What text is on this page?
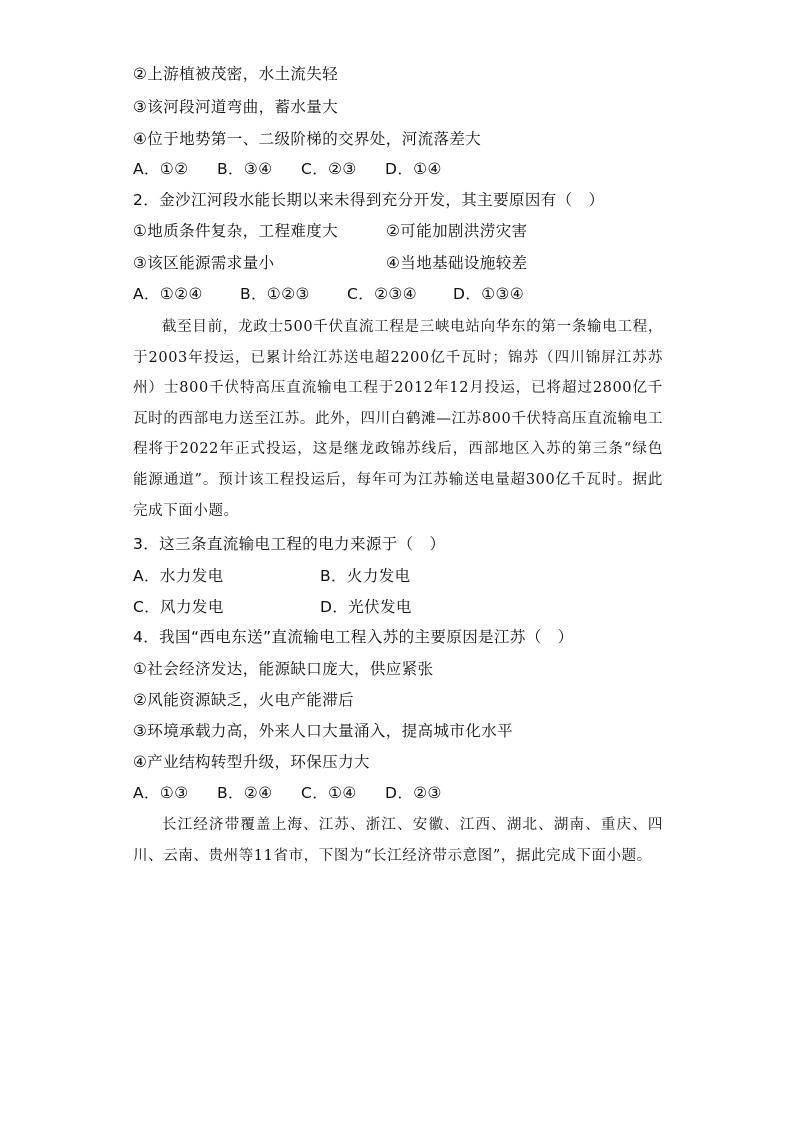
②上游植被茂密，水土流失轻
③该河段河道弯曲，蓄水量大
④位于地势第一、二级阶梯的交界处，河流落差大
A．①② B．③④ C．②③ D．①④
2．金沙江河段水能长期以来未得到充分开发，其主要原因有（　）
①地质条件复杂，工程难度大	②可能加剧洪涝灾害
③该区能源需求量小	④当地基础设施较差
A．①②④ B．①②③ C．②③④ D．①③④

截至目前，龙政士500千伏直流工程是三峡电站向华东的第一条输电工程，于2003年投运，已累计给江苏送电超2200亿千瓦时；锦苏（四川锦屏江苏苏州）士800千伏特高压直流输电工程于2012年12月投运，已将超过2800亿千瓦时的西部电力送至江苏。此外，四川白鹤滩—江苏800千伏特高压直流输电工程将于2022年正式投运，这是继龙政锦苏线后，西部地区入苏的第三条“绿色能源通道”。预计该工程投运后，每年可为江苏输送电量超300亿千瓦时。据此完成下面小题。

3．这三条直流输电工程的电力来源于（　）
A．水力发电	B．火力发电
C．风力发电	D．光伏发电
4．我国“西电东送”直流输电工程入苏的主要原因是江苏（　）
①社会经济发达，能源缺口庞大，供应紧张
②风能资源缺乏，火电产能滞后
③环境承载力高，外来人口大量涌入，提高城市化水平
④产业结构转型升级，环保压力大
A．①③ B．②④ C．①④ D．②③

长江经济带覆盖上海、江苏、浙江、安徽、江西、湖北、湖南、重庆、四川、云南、贵州等11省市，下图为“长江经济带示意图”，据此完成下面小题。
